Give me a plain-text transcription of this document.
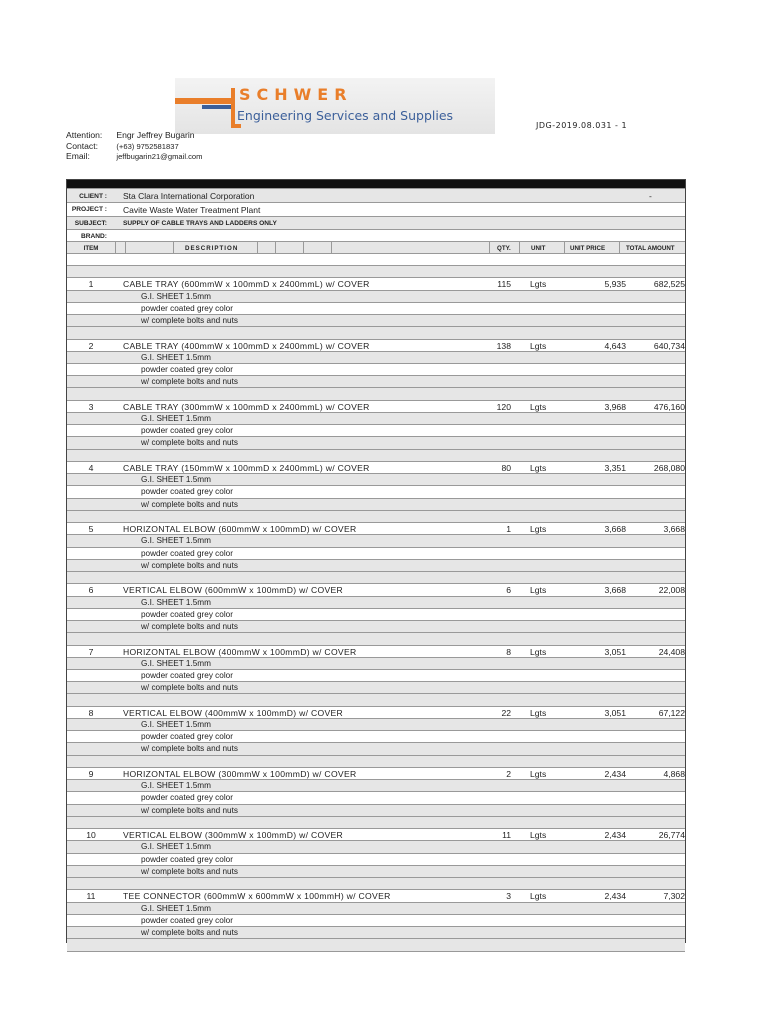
SCHWER
Engineering Services and Supplies
JDG-2019.08.031 - 1
Attention: Engr Jeffrey Bugarin
Contact: (+63) 9752581837
Email:	jeffbugarin21@gmail.com
CLIENT : Sta Clara International Corporation	-
PROJECT : Cavite Waste Water Treatment Plant
SUBJECT: SUPPLY OF CABLE TRAYS AND LADDERS ONLY
BRAND:
ITEM	DESCRIPTION	QTY.	UNIT	UNIT PRICE	TOTAL AMOUNT
1	CABLE TRAY (600mmW x 100mmD x 2400mmL) w/ COVER	115 Lgts	5,935	682,525
G.I. SHEET 1.5mm
powder coated grey color
w/ complete bolts and nuts
2	CABLE TRAY (400mmW x 100mmD x 2400mmL) w/ COVER	138 Lgts	4,643	640,734
G.I. SHEET 1.5mm
powder coated grey color
w/ complete bolts and nuts
3	CABLE TRAY (300mmW x 100mmD x 2400mmL) w/ COVER	120 Lgts	3,968	476,160
G.I. SHEET 1.5mm
powder coated grey color
w/ complete bolts and nuts
4	CABLE TRAY (150mmW x 100mmD x 2400mmL) w/ COVER	80 Lgts	3,351	268,080
G.I. SHEET 1.5mm
powder coated grey color
w/ complete bolts and nuts
5	HORIZONTAL ELBOW (600mmW x 100mmD) w/ COVER	1 Lgts	3,668	3,668
G.I. SHEET 1.5mm
powder coated grey color
w/ complete bolts and nuts
6	VERTICAL ELBOW (600mmW x 100mmD) w/ COVER	6 Lgts	3,668	22,008
G.I. SHEET 1.5mm
powder coated grey color
w/ complete bolts and nuts
7	HORIZONTAL ELBOW (400mmW x 100mmD) w/ COVER	8 Lgts	3,051	24,408
G.I. SHEET 1.5mm
powder coated grey color
w/ complete bolts and nuts
8	VERTICAL ELBOW (400mmW x 100mmD) w/ COVER	22 Lgts	3,051	67,122
G.I. SHEET 1.5mm
powder coated grey color
w/ complete bolts and nuts
9	HORIZONTAL ELBOW (300mmW x 100mmD) w/ COVER	2 Lgts	2,434	4,868
G.I. SHEET 1.5mm
powder coated grey color
w/ complete bolts and nuts
10	VERTICAL ELBOW (300mmW x 100mmD) w/ COVER	11 Lgts	2,434	26,774
G.I. SHEET 1.5mm
powder coated grey color
w/ complete bolts and nuts
11	TEE CONNECTOR (600mmW x 600mmW x 100mmH) w/ COVER	3 Lgts	2,434	7,302
G.I. SHEET 1.5mm
powder coated grey color
w/ complete bolts and nuts
